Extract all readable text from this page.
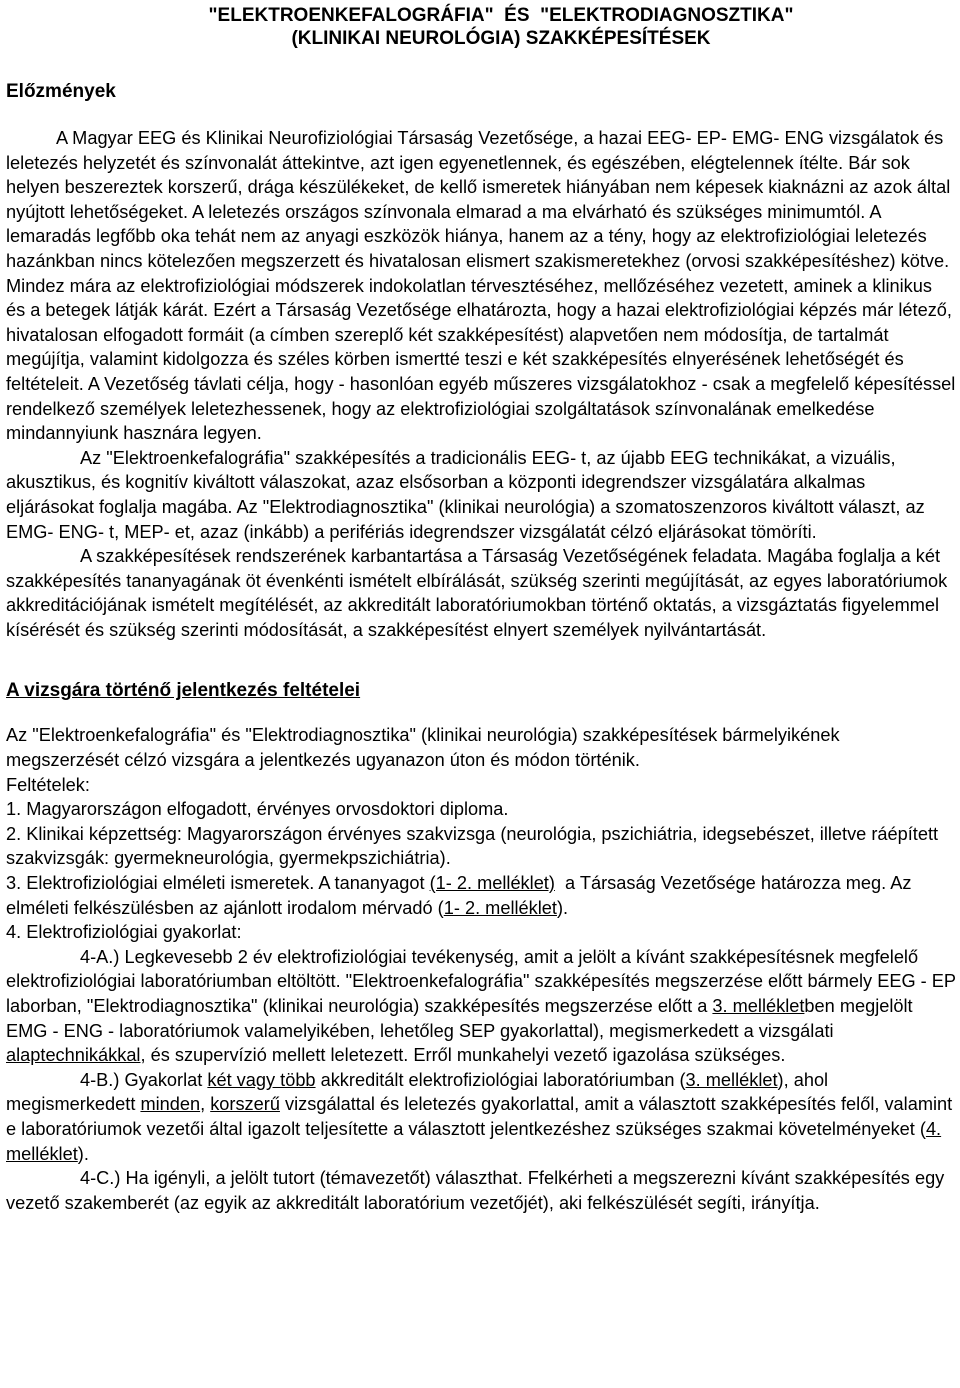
"ELEKTROENKEFALOGRÁFIA"  ÉS  "ELEKTRODIAGNOSZTIKA"
(KLINIKAI NEUROLÓGIA) SZAKKÉPESÍTÉSEK
Előzmények

A Magyar EEG és Klinikai Neurofiziológiai Társaság Vezetősége, a hazai EEG- EP- EMG- ENG vizsgálatok és leletezés helyzetét és színvonalát áttekintve, azt igen egyenetlennek, és egészében, elégtelennek ítélte. Bár sok helyen beszereztek korszerű, drága készülékeket, de kellő ismeretek hiányában nem képesek kiaknázni az azok által nyújtott lehetőségeket. A leletezés országos színvonala elmarad a ma elvárható és szükséges minimumtól. A lemaradás legfőbb oka tehát nem az anyagi eszközök hiánya, hanem az a tény, hogy az elektrofiziológiai leletezés hazánkban nincs kötelezően megszerzett és hivatalosan elismert szakismeretekhez (orvosi szakképesítéshez) kötve. Mindez mára az elektrofiziológiai módszerek indokolatlan térvesztéséhez, mellőzéséhez vezetett, aminek a klinikus és a betegek látják kárát. Ezért a Társaság Vezetősége elhatározta, hogy a hazai elektrofiziológiai képzés már létező, hivatalosan elfogadott formáit (a címben szereplő két szakképesítést) alapvetően nem módosítja, de tartalmát megújítja, valamint kidolgozza és széles körben ismertté teszi e két szakképesítés elnyerésének lehetőségét és feltételeit. A Vezetőség távlati célja, hogy - hasonlóan egyéb műszeres vizsgálatokhoz - csak a megfelelő képesítéssel rendelkező személyek leletezhessenek, hogy az elektrofiziológiai szolgáltatások színvonalának emelkedése mindannyiunk hasznára legyen.

Az "Elektroenkefalográfia" szakképesítés a tradicionális EEG- t, az újabb EEG technikákat, a vizuális, akusztikus, és kognitív kiváltott válaszokat, azaz elsősorban a központi idegrendszer vizsgálatára alkalmas eljárásokat foglalja magába. Az "Elektrodiagnosztika" (klinikai neurológia) a szomatoszenzoros kiváltott választ, az EMG- ENG- t, MEP- et, azaz (inkább) a perifériás idegrendszer vizsgálatát célzó eljárásokat tömöríti.

A szakképesítések rendszerének karbantartása a Társaság Vezetőségének feladata. Magába foglalja a két szakképesítés tananyagának öt évenkénti ismételt elbírálását, szükség szerinti megújítását, az egyes laboratóriumok akkreditációjának ismételt megítélését, az akkreditált laboratóriumokban történő oktatás, a vizsgáztatás figyelemmel kísérését és szükség szerinti módosítását, a szakképesítést elnyert személyek nyilvántartását.

A vizsgára történő jelentkezés feltételei

Az "Elektroenkefalográfia" és "Elektrodiagnosztika" (klinikai neurológia) szakképesítések bármelyikének megszerzését célzó vizsgára a jelentkezés ugyanazon úton és módon történik.

Feltételek:

1. Magyarországon elfogadott, érvényes orvosdoktori diploma.

2. Klinikai képzettség: Magyarországon érvényes szakvizsga (neurológia, pszichiátria, idegsebészet, illetve ráépített szakvizsgák: gyermekneurológia, gyermekpszichiátria).

3. Elektrofiziológiai elméleti ismeretek. A tananyagot (1- 2. melléklet)  a Társaság Vezetősége határozza meg. Az elméleti felkészülésben az ajánlott irodalom mérvadó (1- 2. melléklet).

4. Elektrofiziológiai gyakorlat:

4-A.) Legkevesebb 2 év elektrofiziológiai tevékenység, amit a jelölt a kívánt szakképesítésnek megfelelő elektrofiziológiai laboratóriumban eltöltött. "Elektroenkefalográfia" szakképesítés megszerzése előtt bármely EEG - EP laborban, "Elektrodiagnosztika" (klinikai neurológia) szakképesítés megszerzése előtt a 3. mellékletben megjelölt EMG - ENG - laboratóriumok valamelyikében, lehetőleg SEP gyakorlattal), megismerkedett a vizsgálati alaptechnikákkal, és szupervízió mellett leletezett. Erről munkahelyi vezető igazolása szükséges.

4-B.) Gyakorlat két vagy több akkreditált elektrofiziológiai laboratóriumban (3. melléklet), ahol megismerkedett minden, korszerű vizsgálattal és leletezés gyakorlattal, amit a választott szakképesítés felől, valamint e laboratóriumok vezetői által igazolt teljesítette a választott jelentkezéshez szükséges szakmai követelményeket (4. melléklet).

4-C.) Ha igényli, a jelölt tutort (témavezetőt) választhat. Ffelkérheti a megszerezni kívánt szakképesítés egy vezető szakemberét (az egyik az akkreditált laboratórium vezetőjét), aki felkészülését segíti, irányítja.
